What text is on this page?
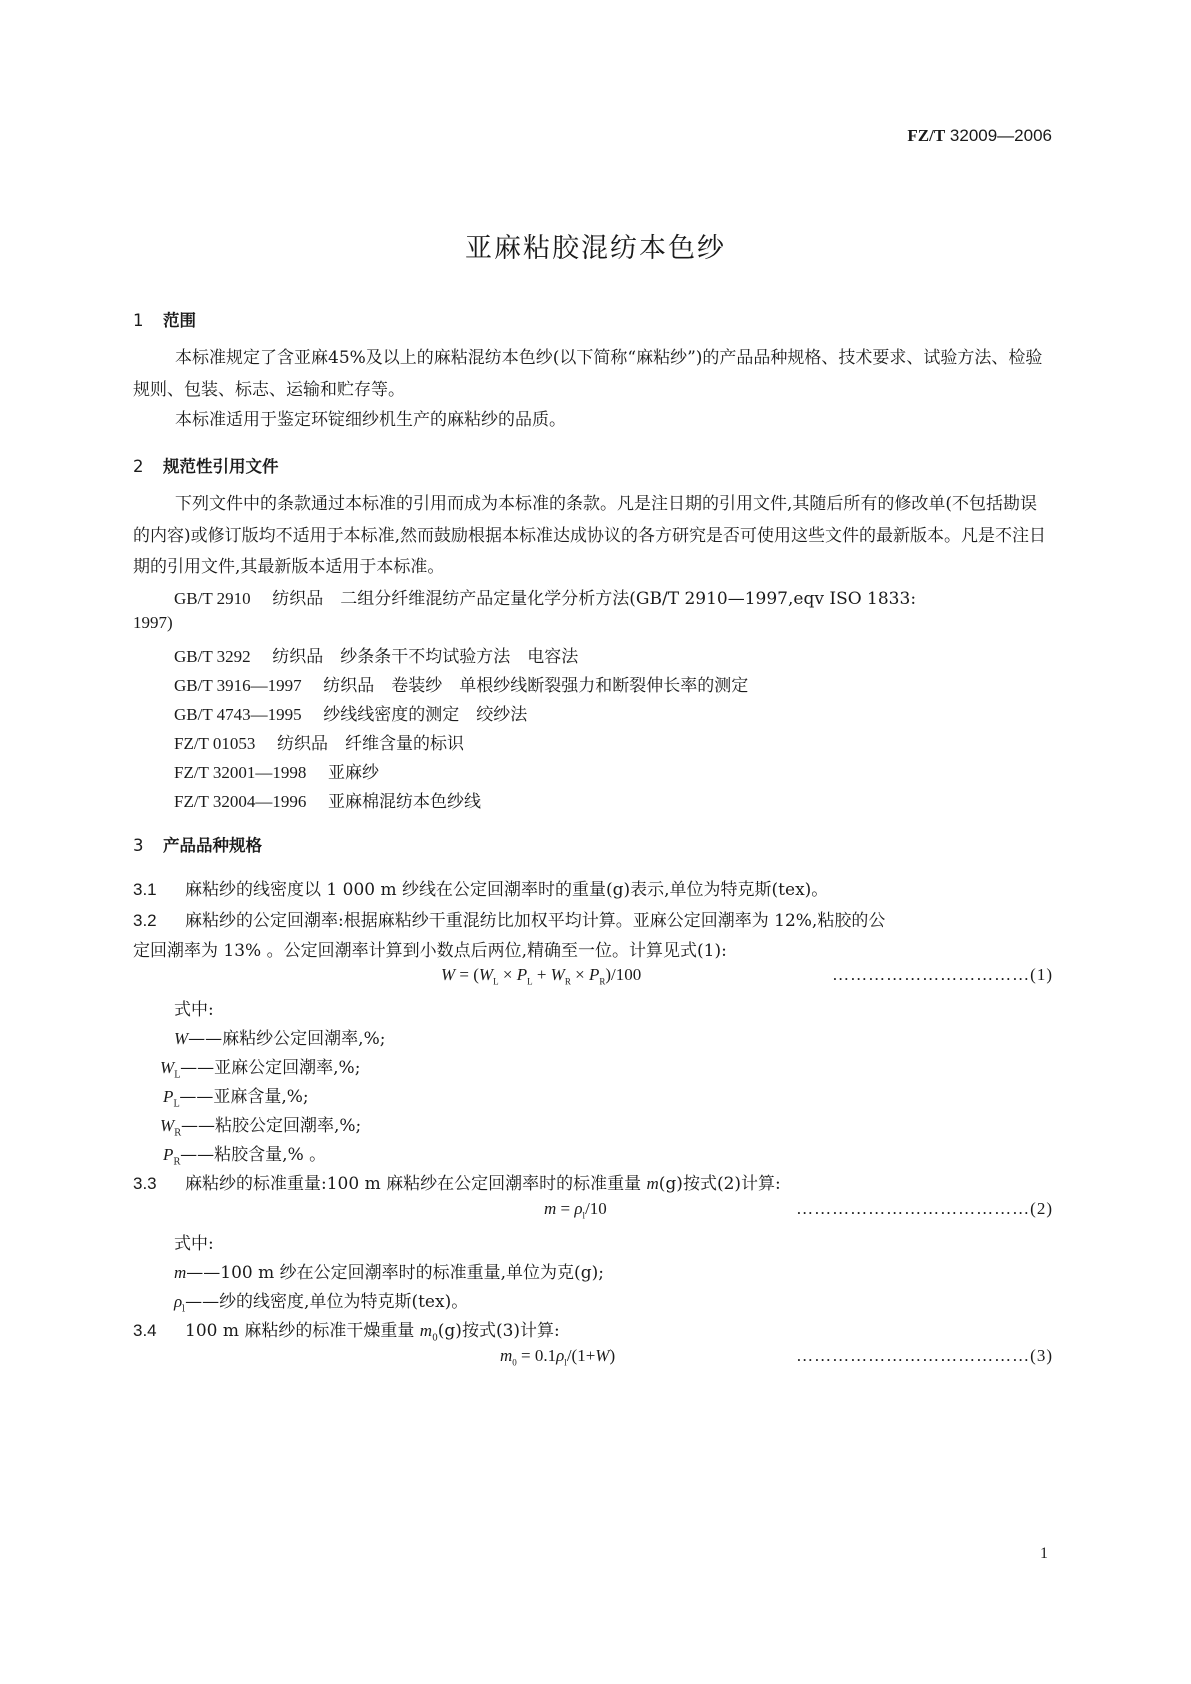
FZ/T 32009—2006
亚麻粘胶混纺本色纱
1 范围
本标准规定了含亚麻45%及以上的麻粘混纺本色纱(以下简称“麻粘纱”)的产品品种规格、技术要求、试验方法、检验规则、包装、标志、运输和贮存等。
本标准适用于鉴定环锭细纱机生产的麻粘纱的品质。
2 规范性引用文件
下列文件中的条款通过本标准的引用而成为本标准的条款。凡是注日期的引用文件,其随后所有的修改单(不包括勘误的内容)或修订版均不适用于本标准,然而鼓励根据本标准达成协议的各方研究是否可使用这些文件的最新版本。凡是不注日期的引用文件,其最新版本适用于本标准。
GB/T 2910 纺织品　二组分纤维混纺产品定量化学分析方法(GB/T 2910—1997,eqv ISO 1833:
1997)
GB/T 3292 纺织品　纱条条干不均试验方法　电容法
GB/T 3916—1997 纺织品　卷装纱　单根纱线断裂强力和断裂伸长率的测定
GB/T 4743—1995 纱线线密度的测定　绞纱法
FZ/T 01053 纺织品　纤维含量的标识
FZ/T 32001—1998 亚麻纱
FZ/T 32004—1996 亚麻棉混纺本色纱线
3 产品品种规格
3.1 麻粘纱的线密度以 1 000 m 纱线在公定回潮率时的重量(g)表示,单位为特克斯(tex)。
3.2 麻粘纱的公定回潮率:根据麻粘纱干重混纺比加权平均计算。亚麻公定回潮率为 12%,粘胶的公
定回潮率为 13% 。公定回潮率计算到小数点后两位,精确至一位。计算见式(1):
$W = (W_L \times P_L + W_R \times P_R)/100$	……………………………(1)
式中:
W——麻粘纱公定回潮率,%;
$W_L——$亚麻公定回潮率,%;
$P_L——$亚麻含量,%;
$W_R——$粘胶公定回潮率,%;
$P_R——$粘胶含量,% 。
3.3 麻粘纱的标准重量:100 m 麻粘纱在公定回潮率时的标准重量 m(g)按式(2)计算:
$m = \rho_l/10$	…………………………………(2)
式中:
m——100 m 纱在公定回潮率时的标准重量,单位为克(g);
$\rho_l——$纱的线密度,单位为特克斯(tex)。
3.4 100 m 麻粘纱的标准干燥重量 $m_0(g)$按式(3)计算:
$m_0 = 0.1\rho_l/(1+W)$	…………………………………(3)
1
